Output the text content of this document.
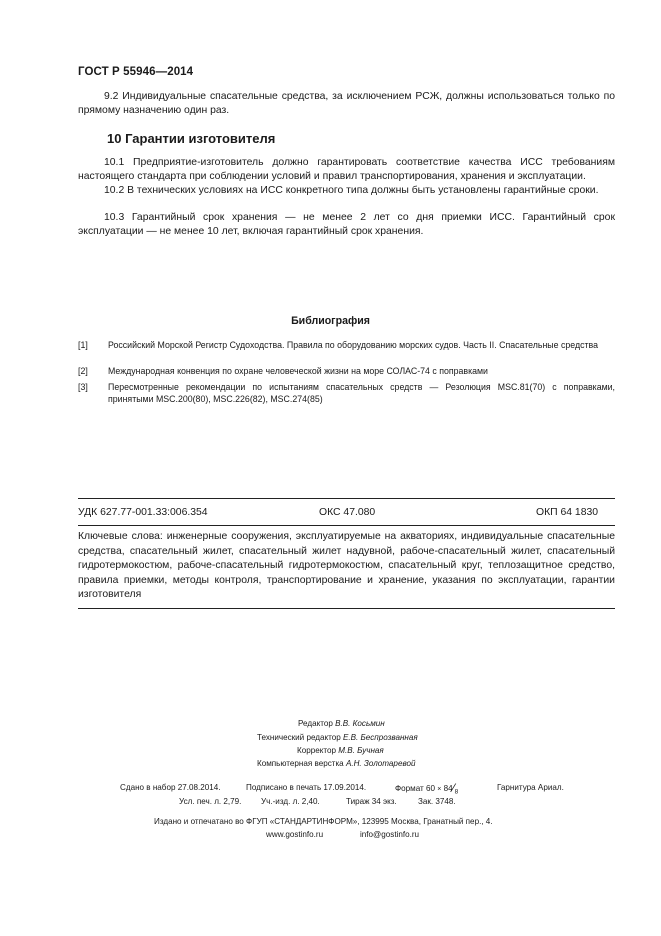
ГОСТ Р 55946—2014

9.2 Индивидуальные спасательные средства, за исключением РСЖ, должны использоваться только по прямому назначению один раз.

10 Гарантии изготовителя

10.1 Предприятие-изготовитель должно гарантировать соответствие качества ИСС требованиям настоящего стандарта при соблюдении условий и правил транспортирования, хранения и эксплуатации.

10.2 В технических условиях на ИСС конкретного типа должны быть установлены гарантийные сроки.

10.3 Гарантийный срок хранения — не менее 2 лет со дня приемки ИСС. Гарантийный срок эксплуатации — не менее 10 лет, включая гарантийный срок хранения.

Библиография
[1] Российский Морской Регистр Судоходства. Правила по оборудованию морских судов. Часть II. Спасательные средства
[2] Международная конвенция по охране человеческой жизни на море СОЛАС-74 с поправками
[3] Пересмотренные рекомендации по испытаниям спасательных средств — Резолюция MSC.81(70) с поправками, принятыми MSC.200(80), MSC.226(82), MSC.274(85)
УДК 627.77-001.33:006.354	ОКС 47.080	ОКП 64 1830

Ключевые слова: инженерные сооружения, эксплуатируемые на акваториях, индивидуальные спасательные средства, спасательный жилет, спасательный жилет надувной, рабоче-спасательный жилет, спасательный гидротермокостюм, рабоче-спасательный гидротермокостюм, спасательный круг, теплозащитное средство, правила приемки, методы контроля, транспортирование и хранение, указания по эксплуатации, гарантии изготовителя

Редактор В.В. Косьмин
Технический редактор Е.В. Беспрозванная
Корректор М.В. Бучная
Компьютерная верстка А.Н. Золотаревой
Сдано в набор 27.08.2014.	Подписано в печать 17.09.2014.	Формат $60 \times 84⁄_8$
Гарнитура Ариал.
Усл. печ. л. 2,79. Уч.-изд. л. 2,40.	Тираж 34 экз.	Зак. 3748.
Издано и отпечатано во ФГУП «СТАНДАРТИНФОРМ», 123995 Москва, Гранатный пер., 4.
www.gostinfo.ru	info@gostinfo.ru
